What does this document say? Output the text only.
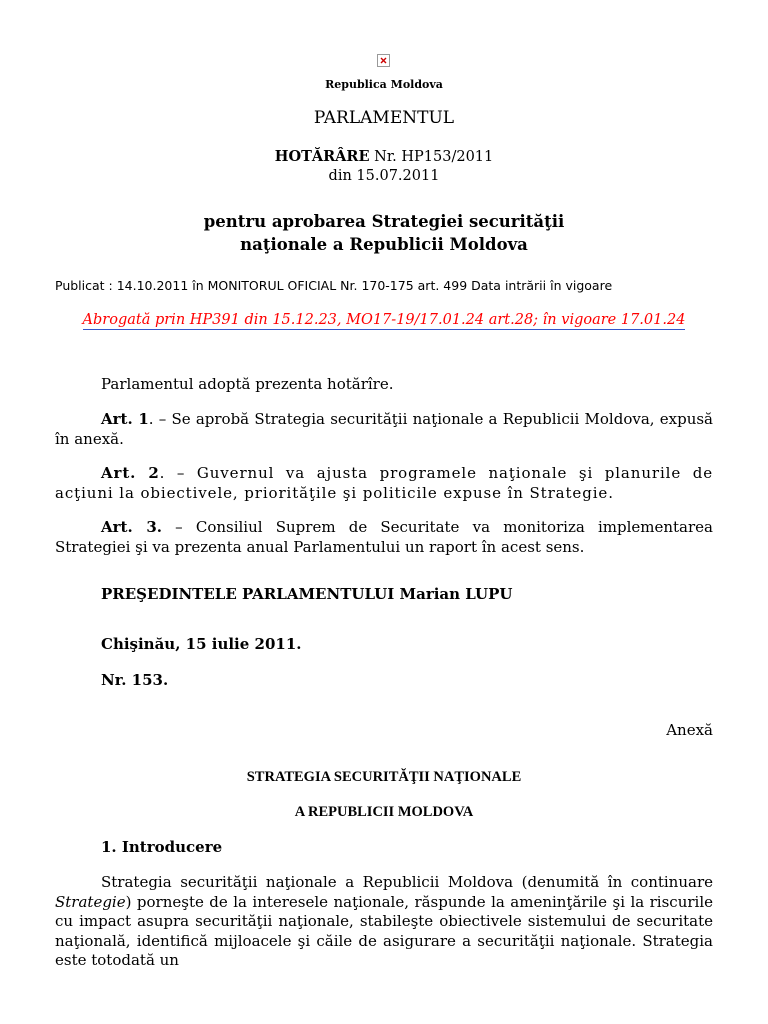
Republica Moldova

PARLAMENTUL

HOTĂRÂRE Nr. HP153/2011
din 15.07.2011
pentru aprobarea Strategiei securităţii
naţionale a Republicii Moldova

Publicat : 14.10.2011 în MONITORUL OFICIAL Nr. 170-175 art. 499 Data intrării în vigoare

Abrogată prin HP391 din 15.12.23, MO17-19/17.01.24 art.28; în vigoare 17.01.24

Parlamentul adoptă prezenta hotărîre.

Art. 1. – Se aprobă Strategia securităţii naţionale a Republicii Moldova, expusă în anexă.

Art. 2. – Guvernul va ajusta programele naţionale şi planurile de acţiuni la obiectivele, priorităţile şi politicile expuse în Strategie.

Art. 3. – Consiliul Suprem de Securitate va monitoriza implementarea Strategiei şi va prezenta anual Parlamentului un raport în acest sens.

PREŞEDINTELE PARLAMENTULUI Marian LUPU

Chişinău, 15 iulie 2011.

Nr. 153.

Anexă

STRATEGIA SECURITĂŢII NAŢIONALE

A REPUBLICII MOLDOVA

1. Introducere

Strategia securităţii naţionale a Republicii Moldova (denumită în continuare Strategie) porneşte de la interesele naţionale, răspunde la ameninţările şi la riscurile cu impact asupra securităţii naţionale, stabileşte obiectivele sistemului de securitate naţională, identifică mijloacele şi căile de asigurare a securităţii naţionale. Strategia este totodată un
